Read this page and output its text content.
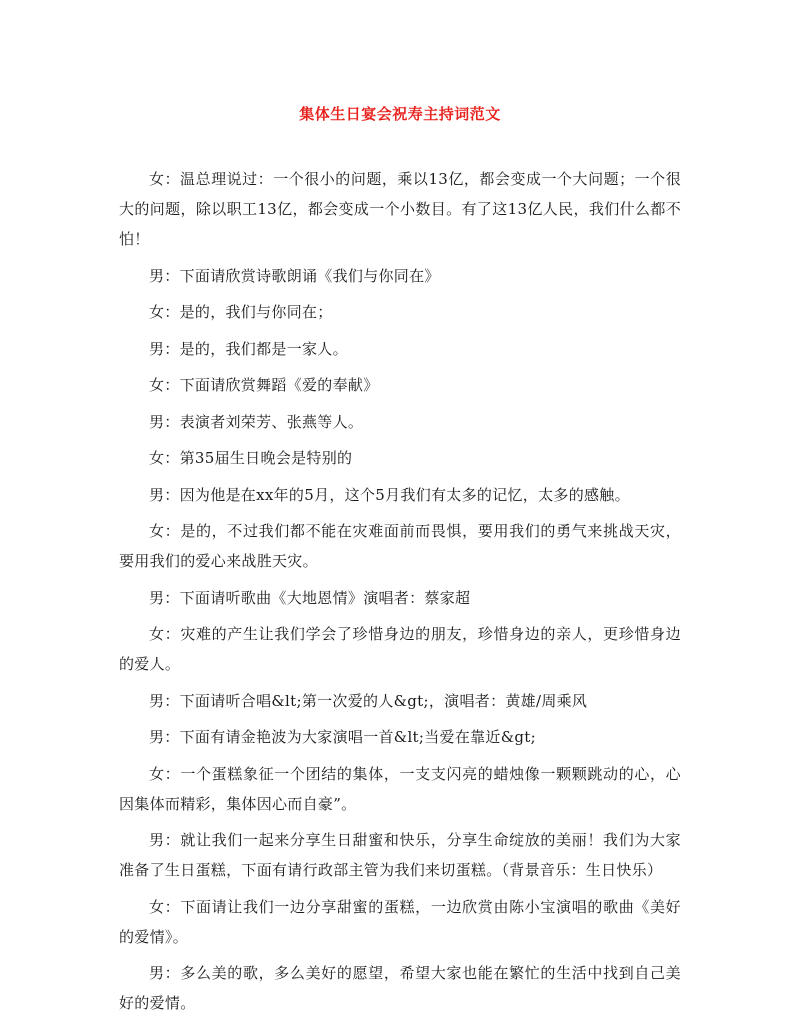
集体生日宴会祝寿主持词范文

女：温总理说过：一个很小的问题，乘以13亿，都会变成一个大问题；一个很大的问题，除以职工13亿，都会变成一个小数目。有了这13亿人民，我们什么都不怕！

男：下面请欣赏诗歌朗诵《我们与你同在》

女：是的，我们与你同在；

男：是的，我们都是一家人。

女：下面请欣赏舞蹈《爱的奉献》

男：表演者刘荣芳、张燕等人。

女：第35届生日晚会是特别的

男：因为他是在xx年的5月，这个5月我们有太多的记忆，太多的感触。

女：是的，不过我们都不能在灾难面前而畏惧，要用我们的勇气来挑战天灾，要用我们的爱心来战胜天灾。

男：下面请听歌曲《大地恩情》演唱者：蔡家超

女：灾难的产生让我们学会了珍惜身边的朋友，珍惜身边的亲人，更珍惜身边的爱人。

男：下面请听合唱&lt;第一次爱的人&gt;，演唱者：黄雄/周乘风

男：下面有请金艳波为大家演唱一首&lt;当爱在靠近&gt;

女：一个蛋糕象征一个团结的集体，一支支闪亮的蜡烛像一颗颗跳动的心，心因集体而精彩，集体因心而自豪”。

男：就让我们一起来分享生日甜蜜和快乐，分享生命绽放的美丽！我们为大家准备了生日蛋糕，下面有请行政部主管为我们来切蛋糕。（背景音乐：生日快乐）

女：下面请让我们一边分享甜蜜的蛋糕，一边欣赏由陈小宝演唱的歌曲《美好的爱情》。

男：多么美的歌，多么美好的愿望，希望大家也能在繁忙的生活中找到自己美好的爱情。
